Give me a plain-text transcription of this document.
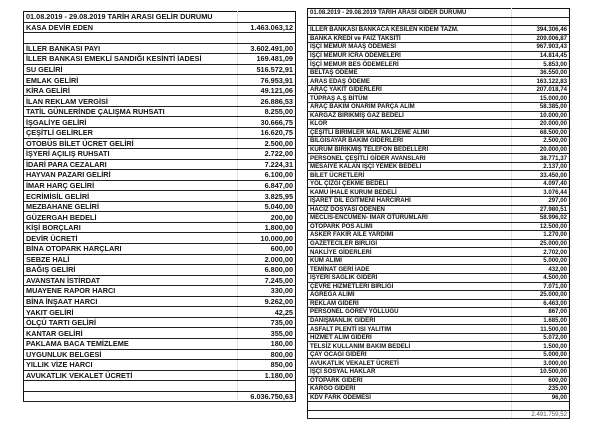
01.08.2019 - 29.08.2019 TARİH ARASI GELİR DURUMU	
KASA DEVİR EDEN	1.463.063,12

İLLER BANKASI PAYI	3.602.491,00
İLLER BANKASI EMEKLİ SANDIĞI KESİNTİ İADESİ	169.481,09
SU GELİRİ	516.572,91
EMLAK GELİRİ	76.953,91
KİRA GELİRİ	49.121,06
İLAN REKLAM VERGİSİ	26.886,53
TATİL GÜNLERİNDE ÇALIŞMA RUHSATI	8.255,00
İŞGALİYE GELİRİ	30.666,75
ÇEŞİTLİ GELİRLER	16.620,75
OTOBÜS BİLET ÜCRET GELİRİ	2.500,00
İŞYERİ AÇILIŞ RUHSATI	2.722,00
İDARİ PARA CEZALARI	7.224,31
HAYVAN PAZARI GELİRİ	6.100,00
İMAR HARÇ GELİRİ	6.847,00
ECRİMİSİL GELİRİ	3.825,95
MEZBAHANE GELİRİ	5.040,00
GÜZERGAH BEDELİ	200,00
KİŞİ BORÇLARI	1.800,00
DEVİR ÜCRETİ	10.000,00
BİNA OTOPARK HARÇLARI	600,00
SEBZE HALİ	2.000,00
BAĞIŞ GELİRİ	6.800,00
AVANSTAN İSTİRDAT	7.245,00
MUAYENE RAPOR HARCI	330,00
BİNA İNŞAAT HARCI	9.262,00
YAKIT GELİRİ	42,25
ÖLÇÜ TARTI GELİRİ	735,00
KANTAR GELİRİ	355,00
PAKLAMA BACA TEMİZLEME	180,00
UYGUNLUK BELGESİ	800,00
YILLIK VİZE HARCI	850,00
AVUKATLIK VEKALET ÜCRETİ	1.180,00

	6.036.750,63
01.08.2019 - 29.08.2019 TARİH ARASI GİDER DURUMU	

İLLER BANKASI BANKACA KESİLEN KIDEM TAZM.	394.306,46
BANKA KREDİ ve FAİZ TAKSİTİ	209.006,87
İŞÇİ MEMUR MAAŞ ÖDEMESİ	967.903,43
İŞÇİ MEMUR İCRA ÖDEMELERİ	14.814,45
İŞÇİ MEMUR BES ÖDEMELERİ	5.853,00
BELTAŞ ÖDEME	36.550,00
ARAS EDAŞ ÖDEME	163.122,83
ARAÇ YAKIT GİDERLERİ	207.018,74
TÜPRAŞ A.Ş BİTÜM	15.000,00
ARAÇ BAKIM ONARIM PARÇA ALIM	58.385,00
KARGAZ BİRİKMİŞ GAZ BEDELİ	10.000,00
KLOR	20.000,00
ÇEŞİTLİ BİRİMLER MAL MALZEME ALIMI	68.500,00
BİLGİSAYAR BAKIM GİDERLERİ	2.500,00
KURUM BİRİKMİŞ TELEFON BEDELLERİ	20.000,00
PERSONEL ÇEŞİTLİ GİDER AVANSLARI	38.771,37
MESAİYE KALAN İŞÇİ YEMEK BEDELİ	2.137,00
BİLET ÜCRETLERİ	33.450,00
YOL ÇİZGİ ÇEKME BEDELİ	4.097,40
KAMU İHALE KURUM BEDELİ	3.076,44
İŞARET DİL EĞİTMENİ HARCIRAHI	297,00
HACİZ DOSYASI ÖDENEN	27.980,51
MECLİS-ENCÜMEN- İMAR OTURUMLARI	58.996,02
OTOPARK POS ALIMI	12.500,00
ASKER FAKİR AİLE YARDIMI	1.270,00
GAZETECİLER BİRLİĞİ	25.000,00
NAKLİYE GİDERLERİ	2.702,00
KUM ALIMI	5.000,00
TEMİNAT GERİ İADE	432,00
İŞYERİ SAĞLIK GİDERİ	4.500,00
ÇEVRE HİZMETLERİ BİRLİĞİ	7.071,00
AGREGA ALIMI	25.000,00
REKLAM GİDERİ	6.463,00
PERSONEL GÖREV YOLLUĞU	867,00
DANIŞMANLIK GİDERİ	1.685,00
ASFALT PLENTİ ISI YALITIM	11.500,00
HİZMET ALIM GİDERİ	5.072,00
TELSİZ KULLANIM BAKIM BEDELİ	1.500,00
ÇAY OCAĞI GİDERİ	5.000,00
AVUKATLIK VEKALET ÜCRETİ	3.000,00
İŞÇİ SOSYAL HAKLAR	10.500,00
OTOPARK GİDERİ	600,00
KARGO GİDERİ	235,00
KDV FARK ÖDEMESİ	96,00

	2.491.759,52
